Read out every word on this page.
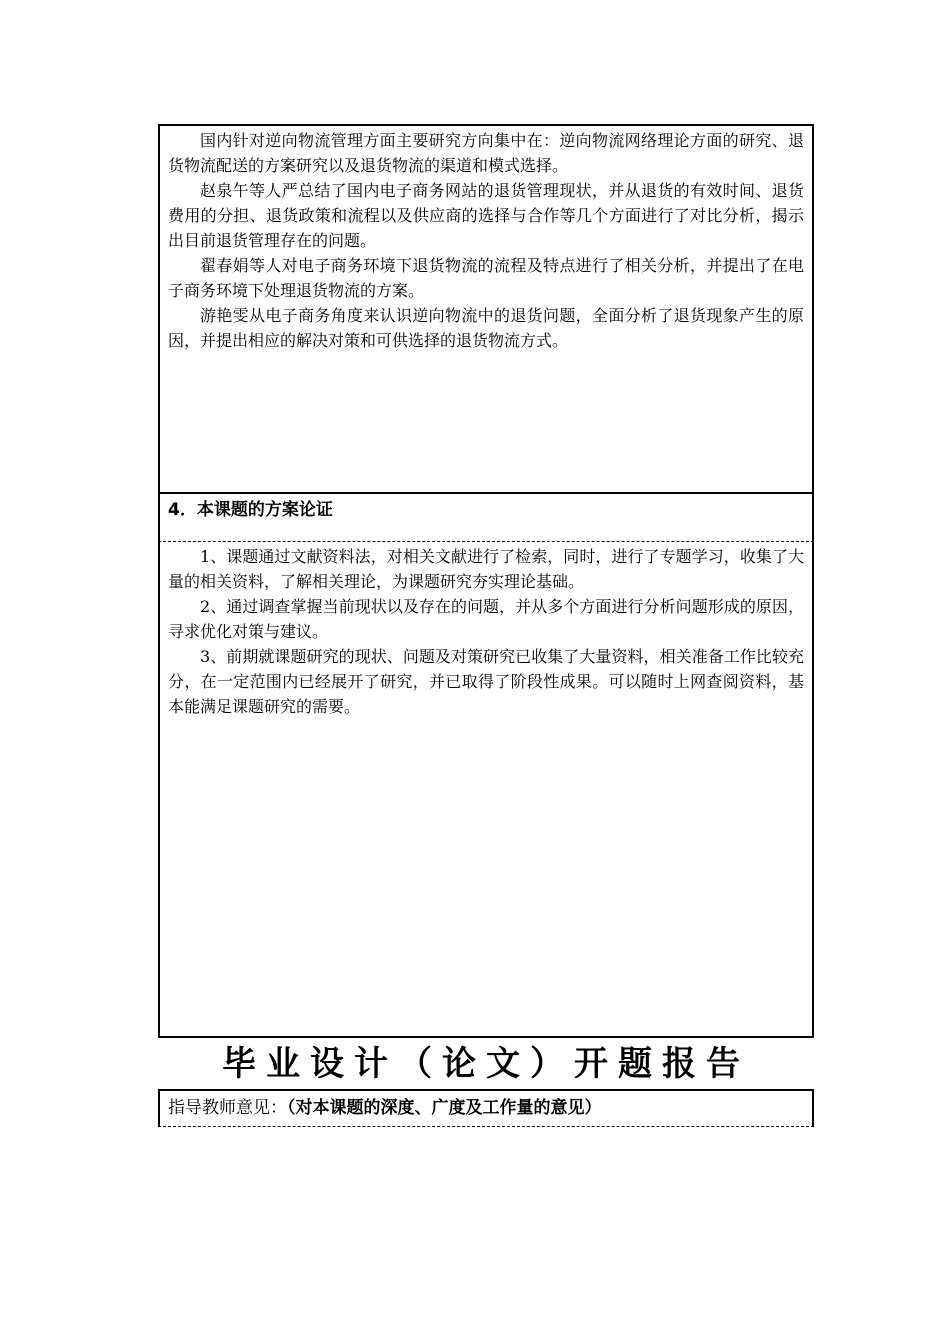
国内针对逆向物流管理方面主要研究方向集中在：逆向物流网络理论方面的研究、退货物流配送的方案研究以及退货物流的渠道和模式选择。

赵泉午等人严总结了国内电子商务网站的退货管理现状，并从退货的有效时间、退货费用的分担、退货政策和流程以及供应商的选择与合作等几个方面进行了对比分析，揭示出目前退货管理存在的问题。

翟春娟等人对电子商务环境下退货物流的流程及特点进行了相关分析，并提出了在电子商务环境下处理退货物流的方案。

游艳雯从电子商务角度来认识逆向物流中的退货问题，全面分析了退货现象产生的原因，并提出相应的解决对策和可供选择的退货物流方式。

4．本课题的方案论证

1、课题通过文献资料法，对相关文献进行了检索，同时，进行了专题学习，收集了大量的相关资料，了解相关理论，为课题研究夯实理论基础。

2、通过调查掌握当前现状以及存在的问题，并从多个方面进行分析问题形成的原因，寻求优化对策与建议。

3、前期就课题研究的现状、问题及对策研究已收集了大量资料，相关准备工作比较充分，在一定范围内已经展开了研究，并已取得了阶段性成果。可以随时上网查阅资料，基本能满足课题研究的需要。

毕业设计（论文）开题报告
指导教师意见：（对本课题的深度、广度及工作量的意见）
